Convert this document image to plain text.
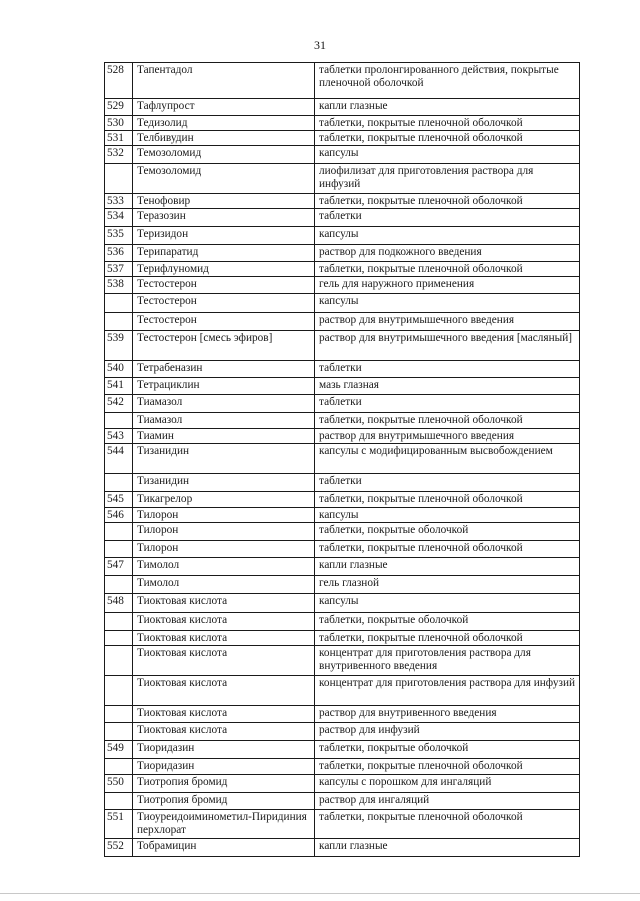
31
528	Тапентадол	таблетки пролонгированного действия, покрытые пленочной оболочкой
529	Тафлупрост	капли глазные
530	Тедизолид	таблетки, покрытые пленочной оболочкой
531	Телбивудин	таблетки, покрытые пленочной оболочкой
532	Темозоломид	капсулы
	Темозоломид	лиофилизат для приготовления раствора для инфузий
533	Тенофовир	таблетки, покрытые пленочной оболочкой
534	Теразозин	таблетки
535	Теризидон	капсулы
536	Терипаратид	раствор для подкожного введения
537	Терифлуномид	таблетки, покрытые пленочной оболочкой
538	Тестостерон	гель для наружного применения
	Тестостерон	капсулы
	Тестостерон	раствор для внутримышечного введения
539	Тестостерон [смесь эфиров]	раствор для внутримышечного введения [масляный]
540	Тетрабеназин	таблетки
541	Тетрациклин	мазь глазная
542	Тиамазол	таблетки
	Тиамазол	таблетки, покрытые пленочной оболочкой
543	Тиамин	раствор для внутримышечного введения
544	Тизанидин	капсулы с модифицированным высвобождением
	Тизанидин	таблетки
545	Тикагрелор	таблетки, покрытые пленочной оболочкой
546	Тилорон	капсулы
	Тилорон	таблетки, покрытые оболочкой
	Тилорон	таблетки, покрытые пленочной оболочкой
547	Тимолол	капли глазные
	Тимолол	гель глазной
548	Тиоктовая кислота	капсулы
	Тиоктовая кислота	таблетки, покрытые оболочкой
	Тиоктовая кислота	таблетки, покрытые пленочной оболочкой
	Тиоктовая кислота	концентрат для приготовления раствора для внутривенного введения
	Тиоктовая кислота	концентрат для приготовления раствора для инфузий
	Тиоктовая кислота	раствор для внутривенного введения
	Тиоктовая кислота	раствор для инфузий
549	Тиоридазин	таблетки, покрытые оболочкой
	Тиоридазин	таблетки, покрытые пленочной оболочкой
550	Тиотропия бромид	капсулы с порошком для ингаляций
	Тиотропия бромид	раствор для ингаляций
551	Тиоуреидоиминометил-Пиридиния перхлорат	таблетки, покрытые пленочной оболочкой
552	Тобрамицин	капли глазные
